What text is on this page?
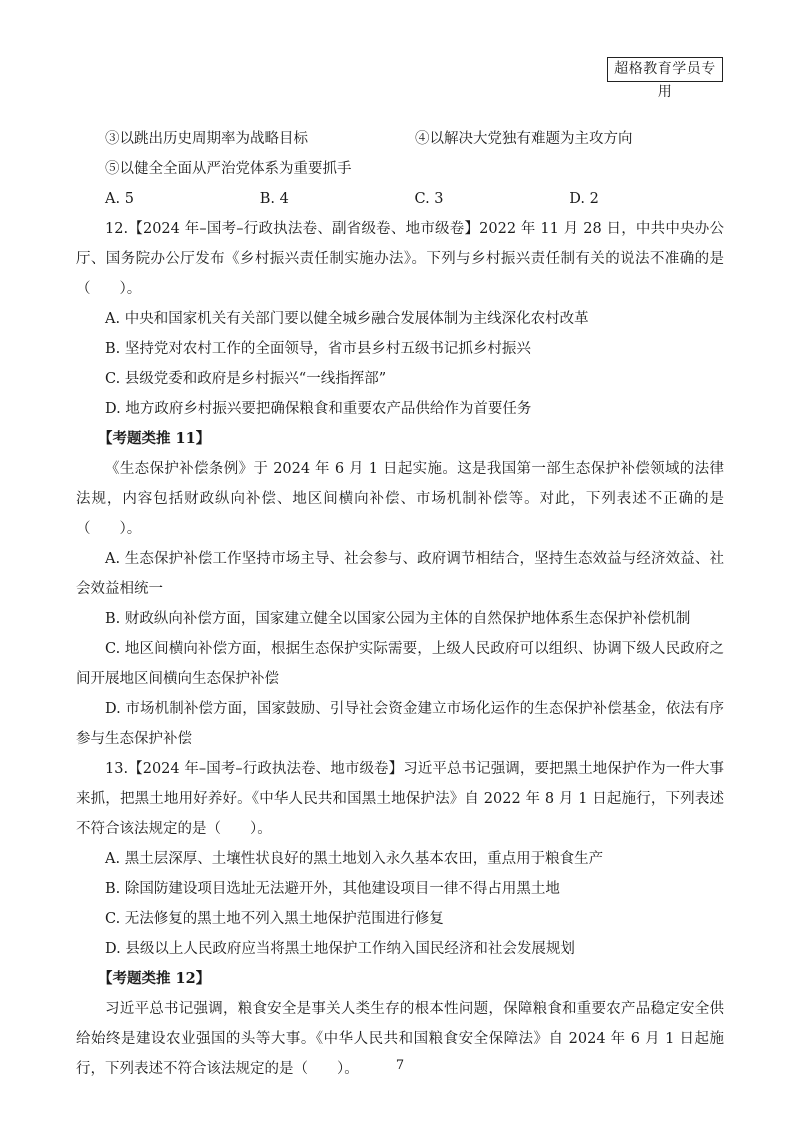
超格教育学员专用
③以跳出历史周期率为战略目标	④以解决大党独有难题为主攻方向
⑤以健全全面从严治党体系为重要抓手
A. 5	B. 4	C. 3	D. 2
12.【2024 年–国考–行政执法卷、副省级卷、地市级卷】2022 年 11 月 28 日，中共中央办公厅、国务院办公厅发布《乡村振兴责任制实施办法》。下列与乡村振兴责任制有关的说法不准确的是（　　）。
A. 中央和国家机关有关部门要以健全城乡融合发展体制为主线深化农村改革
B. 坚持党对农村工作的全面领导，省市县乡村五级书记抓乡村振兴
C. 县级党委和政府是乡村振兴“一线指挥部”
D. 地方政府乡村振兴要把确保粮食和重要农产品供给作为首要任务
【考题类推 11】
《生态保护补偿条例》于 2024 年 6 月 1 日起实施。这是我国第一部生态保护补偿领域的法律法规，内容包括财政纵向补偿、地区间横向补偿、市场机制补偿等。对此，下列表述不正确的是（　　）。
A. 生态保护补偿工作坚持市场主导、社会参与、政府调节相结合，坚持生态效益与经济效益、社会效益相统一
B. 财政纵向补偿方面，国家建立健全以国家公园为主体的自然保护地体系生态保护补偿机制
C. 地区间横向补偿方面，根据生态保护实际需要，上级人民政府可以组织、协调下级人民政府之间开展地区间横向生态保护补偿
D. 市场机制补偿方面，国家鼓励、引导社会资金建立市场化运作的生态保护补偿基金，依法有序参与生态保护补偿
13.【2024 年–国考–行政执法卷、地市级卷】习近平总书记强调，要把黑土地保护作为一件大事来抓，把黑土地用好养好。《中华人民共和国黑土地保护法》自 2022 年 8 月 1 日起施行，下列表述不符合该法规定的是（　　）。
A. 黑土层深厚、土壤性状良好的黑土地划入永久基本农田，重点用于粮食生产
B. 除国防建设项目选址无法避开外，其他建设项目一律不得占用黑土地
C. 无法修复的黑土地不列入黑土地保护范围进行修复
D. 县级以上人民政府应当将黑土地保护工作纳入国民经济和社会发展规划
【考题类推 12】
习近平总书记强调，粮食安全是事关人类生存的根本性问题，保障粮食和重要农产品稳定安全供给始终是建设农业强国的头等大事。《中华人民共和国粮食安全保障法》自 2024 年 6 月 1 日起施行，下列表述不符合该法规定的是（　　）。	7
